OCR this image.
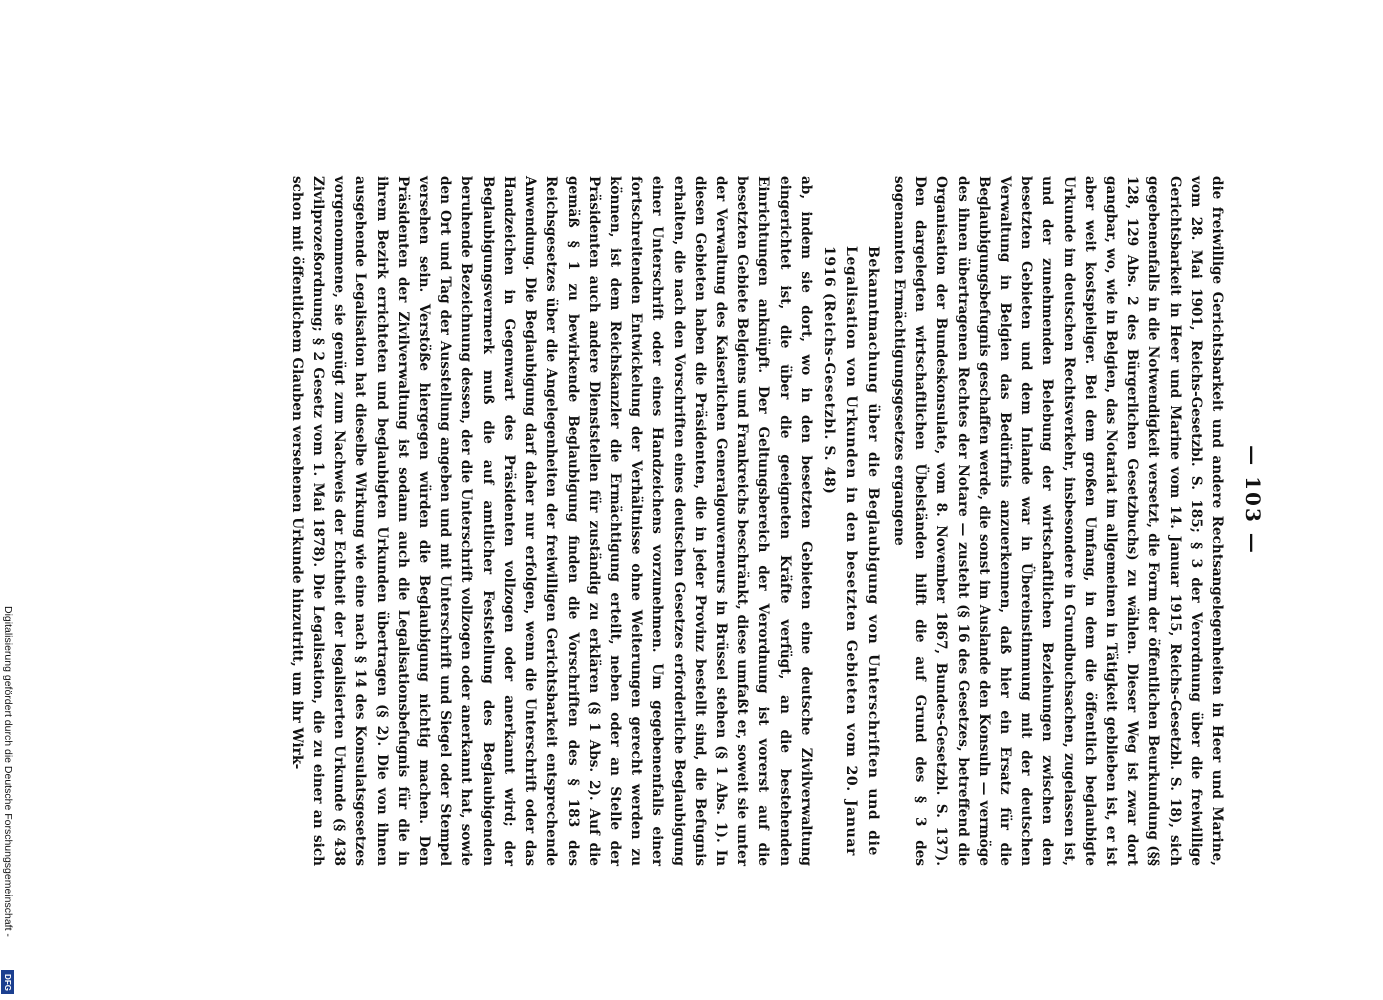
— 103 —

die freiwillige Gerichtsbarkeit und andere Rechtsangelegenheiten in Heer und Marine, vom 28. Mai 1901, Reichs-Gesetzbl. S. 185; § 3 der Verordnung über die freiwillige Gerichtsbarkeit in Heer und Marine vom 14. Januar 1915, Reichs-Gesetzbl. S. 18), sich gegebenenfalls in die Notwendigkeit versetzt, die Form der öffentlichen Beurkundung (§§ 128, 129 Abs. 2 des Bürgerlichen Gesetzbuchs) zu wählen. Dieser Weg ist zwar dort gangbar, wo, wie in Belgien, das Notariat im allgemeinen in Tätigkeit geblieben ist, er ist aber weit kostspieliger. Bei dem großen Umfang, in dem die öffentlich beglaubigte Urkunde im deutschen Rechtsverkehr, insbesondere in Grundbuchsachen, zugelassen ist, und der zunehmenden Belebung der wirtschaftlichen Beziehungen zwischen den besetzten Gebieten und dem Inlande war in Übereinstimmung mit der deutschen Verwaltung in Belgien das Bedürfnis anzuerkennen, daß hier ein Ersatz für die Beglaubigungsbefugnis geschaffen werde, die sonst im Auslande den Konsuln — vermöge des ihnen übertragenen Rechtes der Notare — zusteht (§ 16 des Gesetzes, betreffend die Organisation der Bundeskonsulate, vom 8. November 1867, Bundes-Gesetzbl. S. 137). Den dargelegten wirtschaftlichen Übelständen hilft die auf Grund des § 3 des sogenannten Ermächtigungsgesetzes ergangene

Bekanntmachung über die Beglaubigung von Unterschriften und die Legalisation von Urkunden in den besetzten Gebieten vom 20. Januar 1916 (Reichs-Gesetzbl. S. 48)

ab, indem sie dort, wo in den besetzten Gebieten eine deutsche Zivilverwaltung eingerichtet ist, die über die geeigneten Kräfte verfügt, an die bestehenden Einrichtungen anknüpft. Der Geltungsbereich der Verordnung ist vorerst auf die besetzten Gebiete Belgiens und Frankreichs beschränkt, diese umfaßt er, soweit sie unter der Verwaltung des Kaiserlichen Generalgouverneurs in Brüssel stehen (§ 1 Abs. 1). In diesen Gebieten haben die Präsidenten, die in jeder Provinz bestellt sind, die Befugnis erhalten, die nach den Vorschriften eines deutschen Gesetzes erforderliche Beglaubigung einer Unterschrift oder eines Handzeichens vorzunehmen. Um gegebenenfalls einer fortschreitenden Entwickelung der Verhältnisse ohne Weiterungen gerecht werden zu können, ist dem Reichskanzler die Ermächtigung erteilt, neben oder an Stelle der Präsidenten auch andere Dienststellen für zuständig zu erklären (§ 1 Abs. 2). Auf die gemäß § 1 zu bewirkende Beglaubigung finden die Vorschriften des § 183 des Reichsgesetzes über die Angelegenheiten der freiwilligen Gerichtsbarkeit entsprechende Anwendung. Die Beglaubigung darf daher nur erfolgen, wenn die Unterschrift oder das Handzeichen in Gegenwart des Präsidenten vollzogen oder anerkannt wird; der Beglaubigungsvermerk muß die auf amtlicher Feststellung des Beglaubigenden beruhende Bezeichnung dessen, der die Unterschrift vollzogen oder anerkannt hat, sowie den Ort und Tag der Ausstellung angeben und mit Unterschrift und Siegel oder Stempel versehen sein. Verstöße hiergegen würden die Beglaubigung nichtig machen. Den Präsidenten der Zivilverwaltung ist sodann auch die Legalisationsbefugnis für die in ihrem Bezirk errichteten und beglaubigten Urkunden übertragen (§ 2). Die von ihnen ausgehende Legalisation hat dieselbe Wirkung wie eine nach § 14 des Konsulatsgesetzes vorgenommene, sie genügt zum Nachweis der Echtheit der legalisierten Urkunde (§ 438 Zivilprozeßordnung; § 2 Gesetz vom 1. Mai 1878). Die Legalisation, die zu einer an sich schon mit öffentlichem Glauben versehenen Urkunde hinzutritt, um ihr Wirk-

Digitalisierung gefördert durch die Deutsche Forschungsgemeinschaft -
DFG
